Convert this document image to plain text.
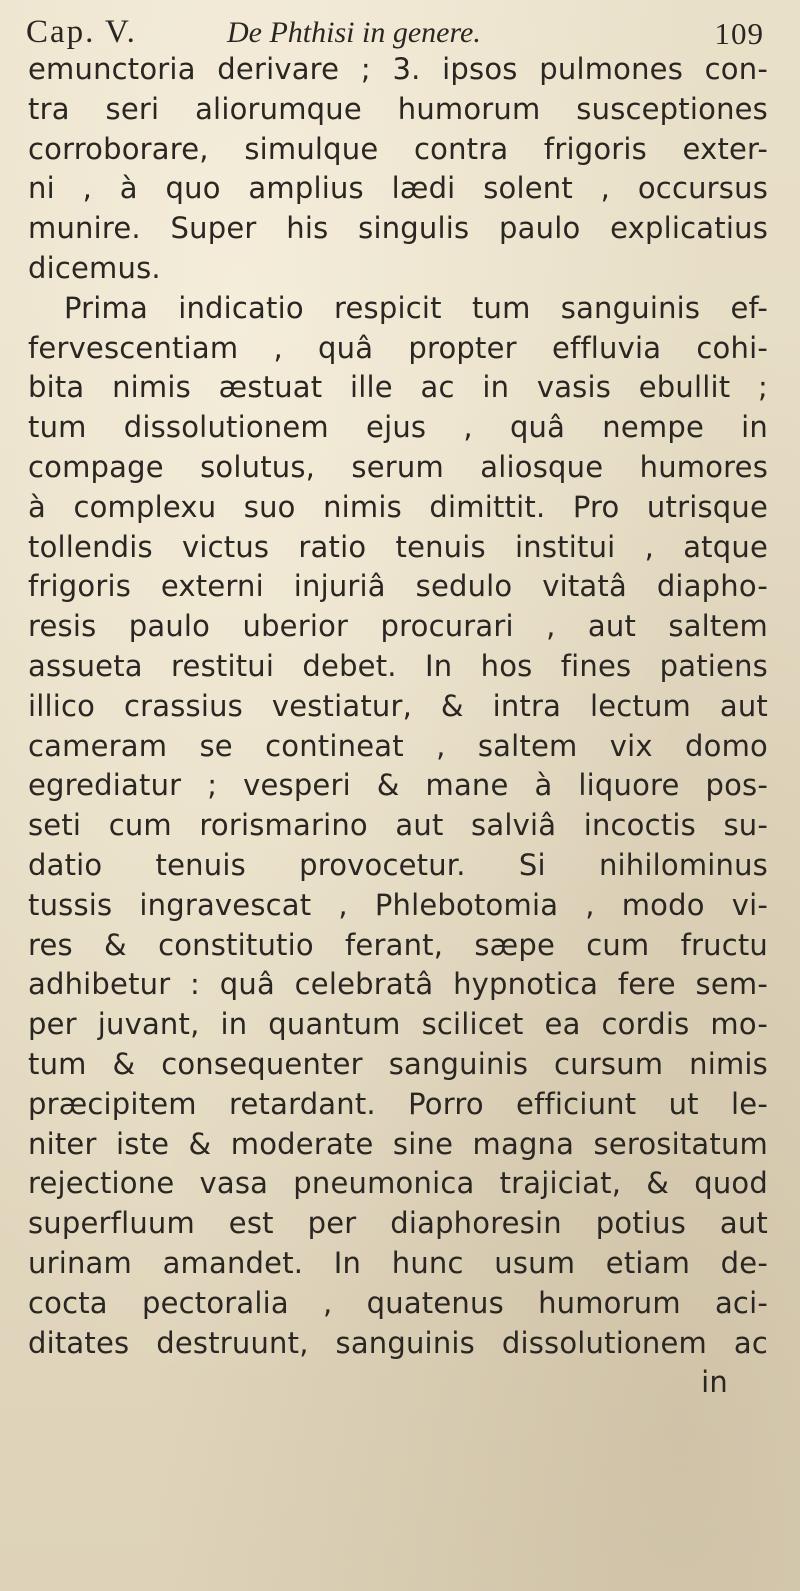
Cap. V.	De Phthisi in genere.	109
emunctoria derivare ; 3. ipsos pulmones con-
tra seri aliorumque humorum susceptiones
corroborare, simulque contra frigoris exter-
ni , à quo amplius lædi solent , occursus
munire. Super his singulis paulo explicatius
dicemus.
Prima indicatio respicit tum sanguinis ef-
fervescentiam , quâ propter effluvia cohi-
bita nimis æstuat ille ac in vasis ebullit ;
tum dissolutionem ejus , quâ nempe in
compage solutus, serum aliosque humores
à complexu suo nimis dimittit. Pro utrisque
tollendis victus ratio tenuis institui , atque
frigoris externi injuriâ sedulo vitatâ diapho-
resis paulo uberior procurari , aut saltem
assueta restitui debet. In hos fines patiens
illico crassius vestiatur, & intra lectum aut
cameram se contineat , saltem vix domo
egrediatur ; vesperi & mane à liquore pos-
seti cum rorismarino aut salviâ incoctis su-
datio tenuis provocetur. Si nihilominus
tussis ingravescat , Phlebotomia , modo vi-
res & constitutio ferant, sæpe cum fructu
adhibetur : quâ celebratâ hypnotica fere sem-
per juvant, in quantum scilicet ea cordis mo-
tum & consequenter sanguinis cursum nimis
præcipitem retardant. Porro efficiunt ut le-
niter iste & moderate sine magna serositatum
rejectione vasa pneumonica trajiciat, & quod
superfluum est per diaphoresin potius aut
urinam amandet. In hunc usum etiam de-
cocta pectoralia , quatenus humorum aci-
ditates destruunt, sanguinis dissolutionem ac
in
